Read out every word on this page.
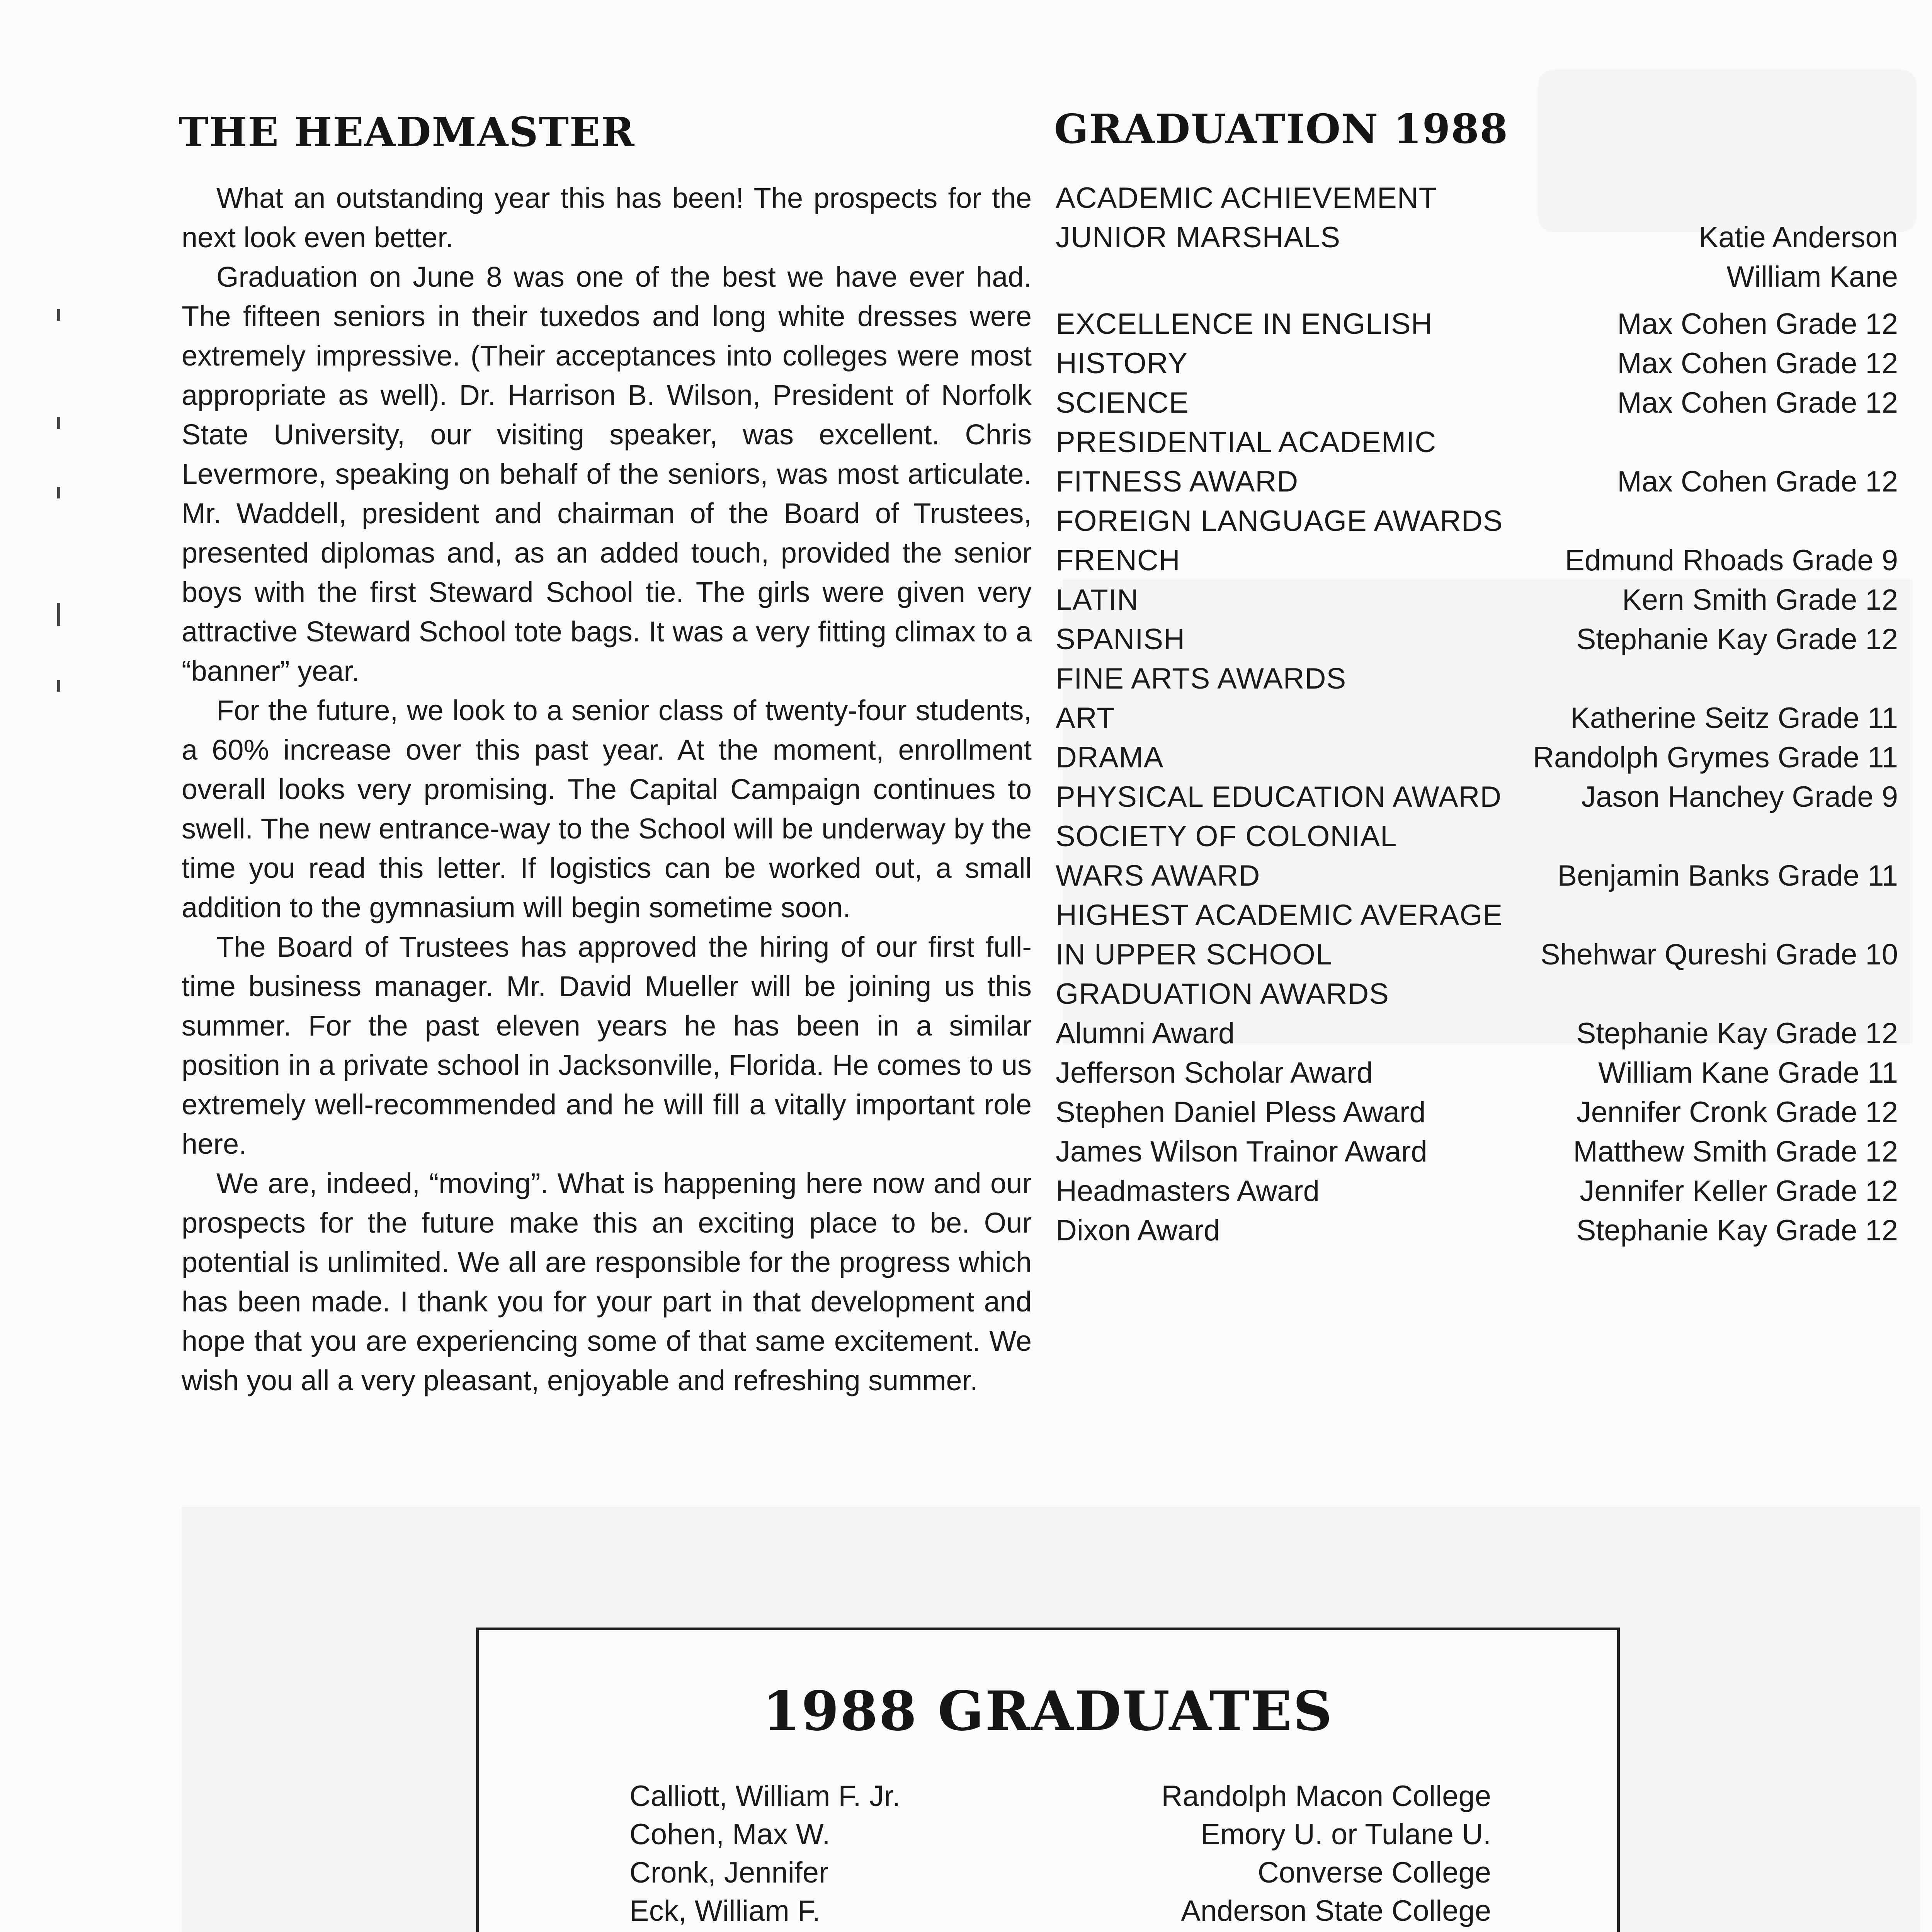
THE HEADMASTER

What an outstanding year this has been! The prospects for the next look even better.

Graduation on June 8 was one of the best we have ever had. The fifteen seniors in their tuxedos and long white dresses were extremely impressive. (Their acceptances into colleges were most appropriate as well). Dr. Harrison B. Wilson, President of Norfolk State University, our visiting speaker, was excellent. Chris Levermore, speaking on behalf of the seniors, was most articulate. Mr. Waddell, president and chairman of the Board of Trustees, presented diplomas and, as an added touch, provided the senior boys with the first Steward School tie. The girls were given very attractive Steward School tote bags. It was a very fitting climax to a “banner” year.

For the future, we look to a senior class of twenty-four students, a 60% increase over this past year. At the moment, enrollment overall looks very promising. The Capital Campaign continues to swell. The new entrance-way to the School will be underway by the time you read this letter. If logistics can be worked out, a small addition to the gymnasium will begin sometime soon.

The Board of Trustees has approved the hiring of our first full-time business manager. Mr. David Mueller will be joining us this summer. For the past eleven years he has been in a similar position in a private school in Jacksonville, Florida. He comes to us extremely well-recommended and he will fill a vitally important role here.

We are, indeed, “moving”. What is happening here now and our prospects for the future make this an exciting place to be. Our potential is unlimited. We all are responsible for the progress which has been made. I thank you for your part in that development and hope that you are experiencing some of that same excitement. We wish you all a very pleasant, enjoyable and refreshing summer.

GRADUATION 1988
ACADEMIC ACHIEVEMENT
JUNIOR MARSHALS	Katie Anderson
William Kane
EXCELLENCE IN ENGLISH	Max Cohen Grade 12
HISTORY	Max Cohen Grade 12
SCIENCE	Max Cohen Grade 12
PRESIDENTIAL ACADEMIC
FITNESS AWARD	Max Cohen Grade 12
FOREIGN LANGUAGE AWARDS
FRENCH	Edmund Rhoads Grade 9
LATIN	Kern Smith Grade 12
SPANISH	Stephanie Kay Grade 12
FINE ARTS AWARDS
ART	Katherine Seitz Grade 11
DRAMA	Randolph Grymes Grade 11
PHYSICAL EDUCATION AWARD	Jason Hanchey Grade 9
SOCIETY OF COLONIAL
WARS AWARD	Benjamin Banks Grade 11
HIGHEST ACADEMIC AVERAGE
IN UPPER SCHOOL	Shehwar Qureshi Grade 10
GRADUATION AWARDS
Alumni Award	Stephanie Kay Grade 12
Jefferson Scholar Award	William Kane Grade 11
Stephen Daniel Pless Award	Jennifer Cronk Grade 12
James Wilson Trainor Award	Matthew Smith Grade 12
Headmasters Award	Jennifer Keller Grade 12
Dixon Award	Stephanie Kay Grade 12
1988 GRADUATES
Calliott, William F. Jr.	Randolph Macon College
Cohen, Max W.	Emory U. or Tulane U.
Cronk, Jennifer	Converse College
Eck, William F.	Anderson State College
